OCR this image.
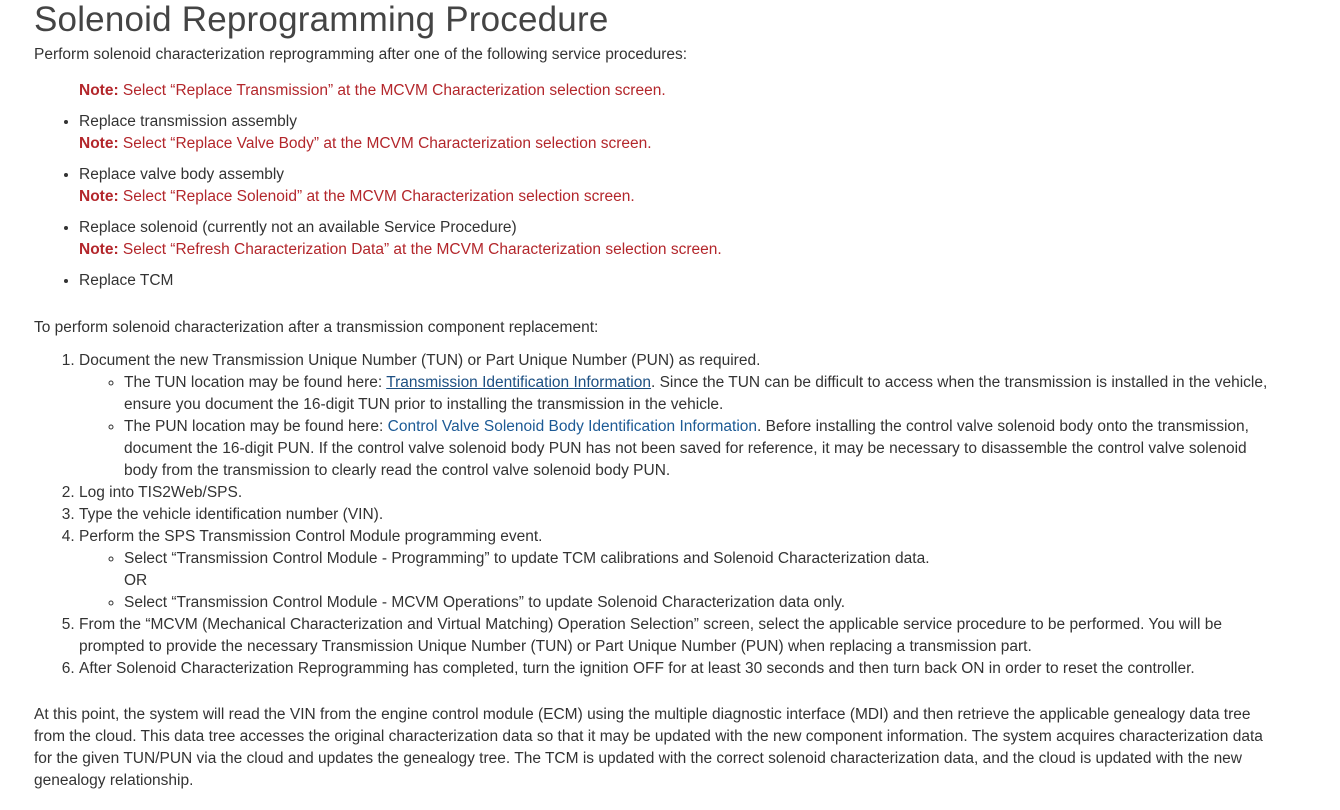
Solenoid Reprogramming Procedure

Perform solenoid characterization reprogramming after one of the following service procedures:

Note: Select “Replace Transmission” at the MCVM Characterization selection screen.
• Replace transmission assembly
Note: Select “Replace Valve Body” at the MCVM Characterization selection screen.
• Replace valve body assembly
Note: Select “Replace Solenoid” at the MCVM Characterization selection screen.
• Replace solenoid (currently not an available Service Procedure)
Note: Select “Refresh Characterization Data” at the MCVM Characterization selection screen.
• Replace TCM

To perform solenoid characterization after a transmission component replacement:

1. Document the new Transmission Unique Number (TUN) or Part Unique Number (PUN) as required.
◦ The TUN location may be found here: Transmission Identification Information. Since the TUN can be difficult to access when the transmission is installed in the vehicle, ensure you document the 16-digit TUN prior to installing the transmission in the vehicle.
◦ The PUN location may be found here: Control Valve Solenoid Body Identification Information. Before installing the control valve solenoid body onto the transmission, document the 16-digit PUN. If the control valve solenoid body PUN has not been saved for reference, it may be necessary to disassemble the control valve solenoid body from the transmission to clearly read the control valve solenoid body PUN.
2. Log into TIS2Web/SPS.
3. Type the vehicle identification number (VIN).
4. Perform the SPS Transmission Control Module programming event.
◦ Select “Transmission Control Module - Programming” to update TCM calibrations and Solenoid Characterization data.
OR
◦ Select “Transmission Control Module - MCVM Operations” to update Solenoid Characterization data only.
5. From the “MCVM (Mechanical Characterization and Virtual Matching) Operation Selection” screen, select the applicable service procedure to be performed. You will be prompted to provide the necessary Transmission Unique Number (TUN) or Part Unique Number (PUN) when replacing a transmission part.
6. After Solenoid Characterization Reprogramming has completed, turn the ignition OFF for at least 30 seconds and then turn back ON in order to reset the controller.

At this point, the system will read the VIN from the engine control module (ECM) using the multiple diagnostic interface (MDI) and then retrieve the applicable genealogy data tree from the cloud. This data tree accesses the original characterization data so that it may be updated with the new component information. The system acquires characterization data for the given TUN/PUN via the cloud and updates the genealogy tree. The TCM is updated with the correct solenoid characterization data, and the cloud is updated with the new genealogy relationship.
